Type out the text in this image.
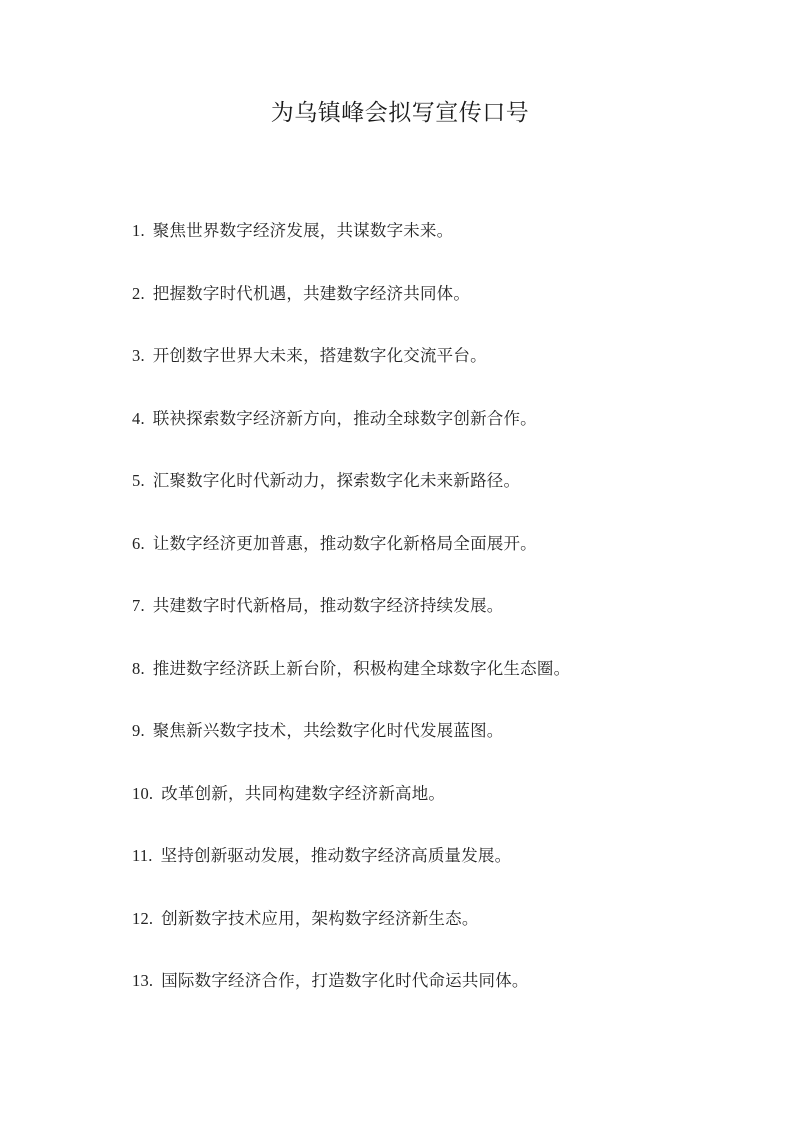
为乌镇峰会拟写宣传口号
1. 聚焦世界数字经济发展，共谋数字未来。
2. 把握数字时代机遇，共建数字经济共同体。
3. 开创数字世界大未来，搭建数字化交流平台。
4. 联袂探索数字经济新方向，推动全球数字创新合作。
5. 汇聚数字化时代新动力，探索数字化未来新路径。
6. 让数字经济更加普惠，推动数字化新格局全面展开。
7. 共建数字时代新格局，推动数字经济持续发展。
8. 推进数字经济跃上新台阶，积极构建全球数字化生态圈。
9. 聚焦新兴数字技术，共绘数字化时代发展蓝图。
10. 改革创新，共同构建数字经济新高地。
11. 坚持创新驱动发展，推动数字经济高质量发展。
12. 创新数字技术应用，架构数字经济新生态。
13. 国际数字经济合作，打造数字化时代命运共同体。
